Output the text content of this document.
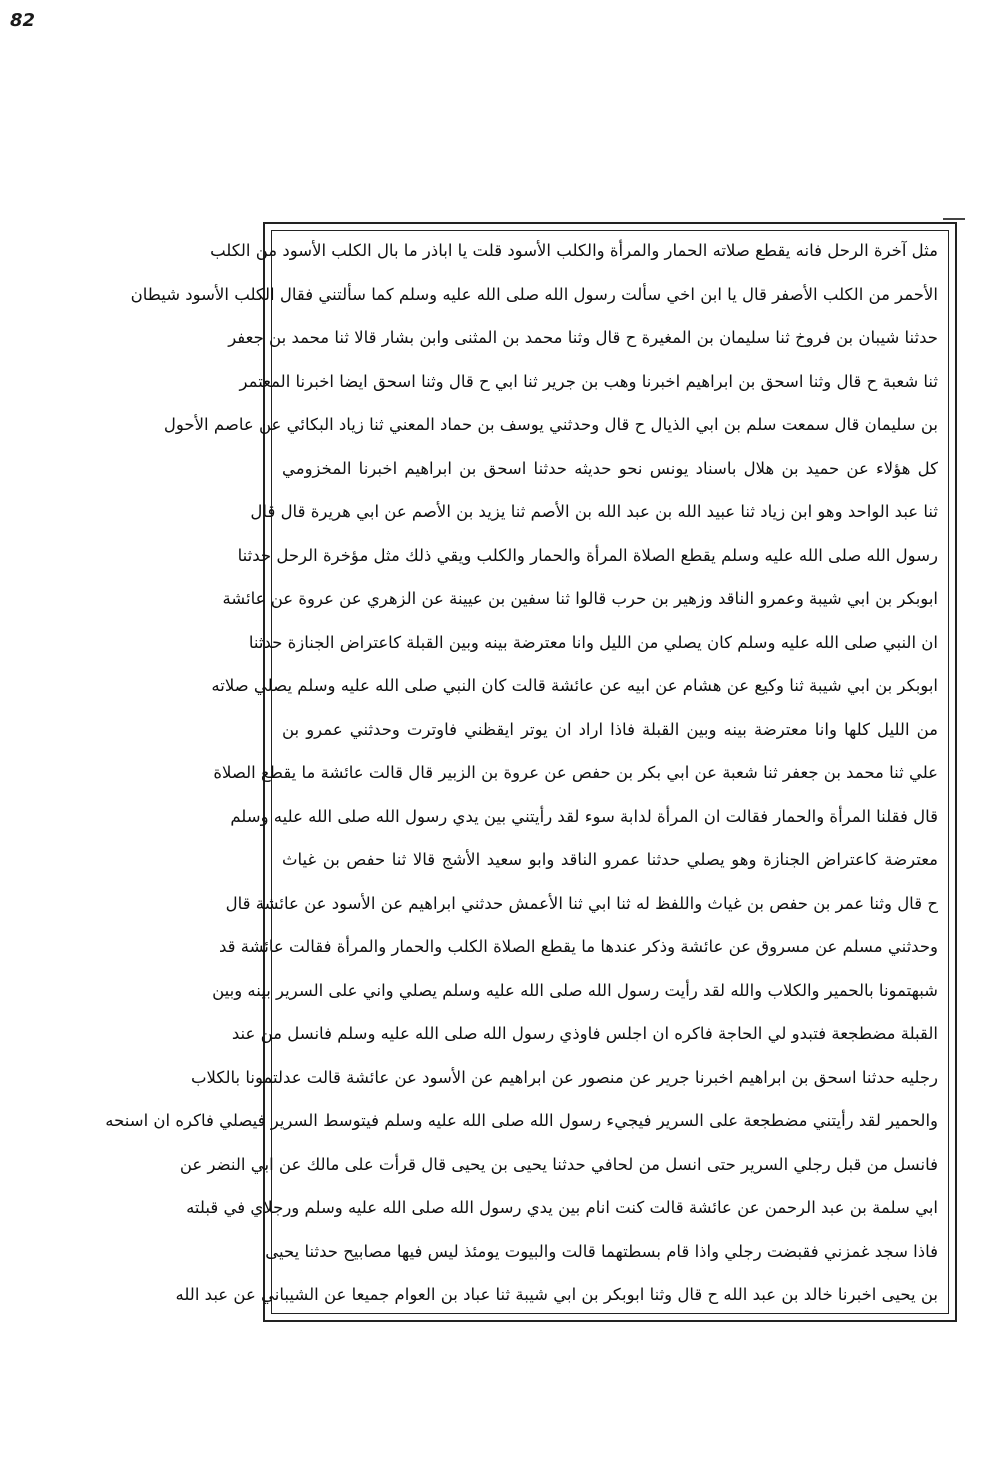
82
مثل آخرة الرحل فانه يقطع صلاته الحمار والمرأة والكلب الأسود قلت يا اباذر ما بال الكلب الأسود من الكلب
الأحمر من الكلب الأصفر قال يا ابن اخي سألت رسول الله صلى الله عليه وسلم كما سألتني فقال الكلب الأسود شيطان
حدثنا شيبان بن فروخ ثنا سليمان بن المغيرة ح قال وثنا محمد بن المثنى وابن بشار قالا ثنا محمد بن جعفر
ثنا شعبة ح قال وثنا اسحق بن ابراهيم اخبرنا وهب بن جرير ثنا ابي ح قال وثنا اسحق ايضا اخبرنا المعتمر
بن سليمان قال سمعت سلم بن ابي الذيال ح قال وحدثني يوسف بن حماد المعني ثنا زياد البكائي عن عاصم الأحول
كل هؤلاء عن حميد بن هلال باسناد يونس نحو حديثه حدثنا اسحق بن ابراهيم اخبرنا المخزومي
ثنا عبد الواحد وهو ابن زياد ثنا عبيد الله بن عبد الله بن الأصم ثنا يزيد بن الأصم عن ابي هريرة قال قال
رسول الله صلى الله عليه وسلم يقطع الصلاة المرأة والحمار والكلب ويقي ذلك مثل مؤخرة الرحل حدثنا
ابوبكر بن ابي شيبة وعمرو الناقد وزهير بن حرب قالوا ثنا سفين بن عيينة عن الزهري عن عروة عن عائشة
ان النبي صلى الله عليه وسلم كان يصلي من الليل وانا معترضة بينه وبين القبلة كاعتراض الجنازة حدثنا
ابوبكر بن ابي شيبة ثنا وكيع عن هشام عن ابيه عن عائشة قالت كان النبي صلى الله عليه وسلم يصلي صلاته
من الليل كلها وانا معترضة بينه وبين القبلة فاذا اراد ان يوتر ايقظني فاوترت وحدثني عمرو بن
علي ثنا محمد بن جعفر ثنا شعبة عن ابي بكر بن حفص عن عروة بن الزبير قال قالت عائشة ما يقطع الصلاة
قال فقلنا المرأة والحمار فقالت ان المرأة لدابة سوء لقد رأيتني بين يدي رسول الله صلى الله عليه وسلم
معترضة كاعتراض الجنازة وهو يصلي حدثنا عمرو الناقد وابو سعيد الأشج قالا ثنا حفص بن غياث
ح قال وثنا عمر بن حفص بن غياث واللفظ له ثنا ابي ثنا الأعمش حدثني ابراهيم عن الأسود عن عائشة قال
وحدثني مسلم عن مسروق عن عائشة وذكر عندها ما يقطع الصلاة الكلب والحمار والمرأة فقالت عائشة قد
شبهتمونا بالحمير والكلاب والله لقد رأيت رسول الله صلى الله عليه وسلم يصلي واني على السرير بينه وبين
القبلة مضطجعة فتبدو لي الحاجة فاكره ان اجلس فاوذي رسول الله صلى الله عليه وسلم فانسل من عند
رجليه حدثنا اسحق بن ابراهيم اخبرنا جرير عن منصور عن ابراهيم عن الأسود عن عائشة قالت عدلتمونا بالكلاب
والحمير لقد رأيتني مضطجعة على السرير فيجيء رسول الله صلى الله عليه وسلم فيتوسط السرير فيصلي فاكره ان اسنحه
فانسل من قبل رجلي السرير حتى انسل من لحافي حدثنا يحيى بن يحيى قال قرأت على مالك عن ابي النضر عن
ابي سلمة بن عبد الرحمن عن عائشة قالت كنت انام بين يدي رسول الله صلى الله عليه وسلم ورجلاي في قبلته
فاذا سجد غمزني فقبضت رجلي واذا قام بسطتهما قالت والبيوت يومئذ ليس فيها مصابيح حدثنا يحيى
بن يحيى اخبرنا خالد بن عبد الله ح قال وثنا ابوبكر بن ابي شيبة ثنا عباد بن العوام جميعا عن الشيباني عن عبد الله
